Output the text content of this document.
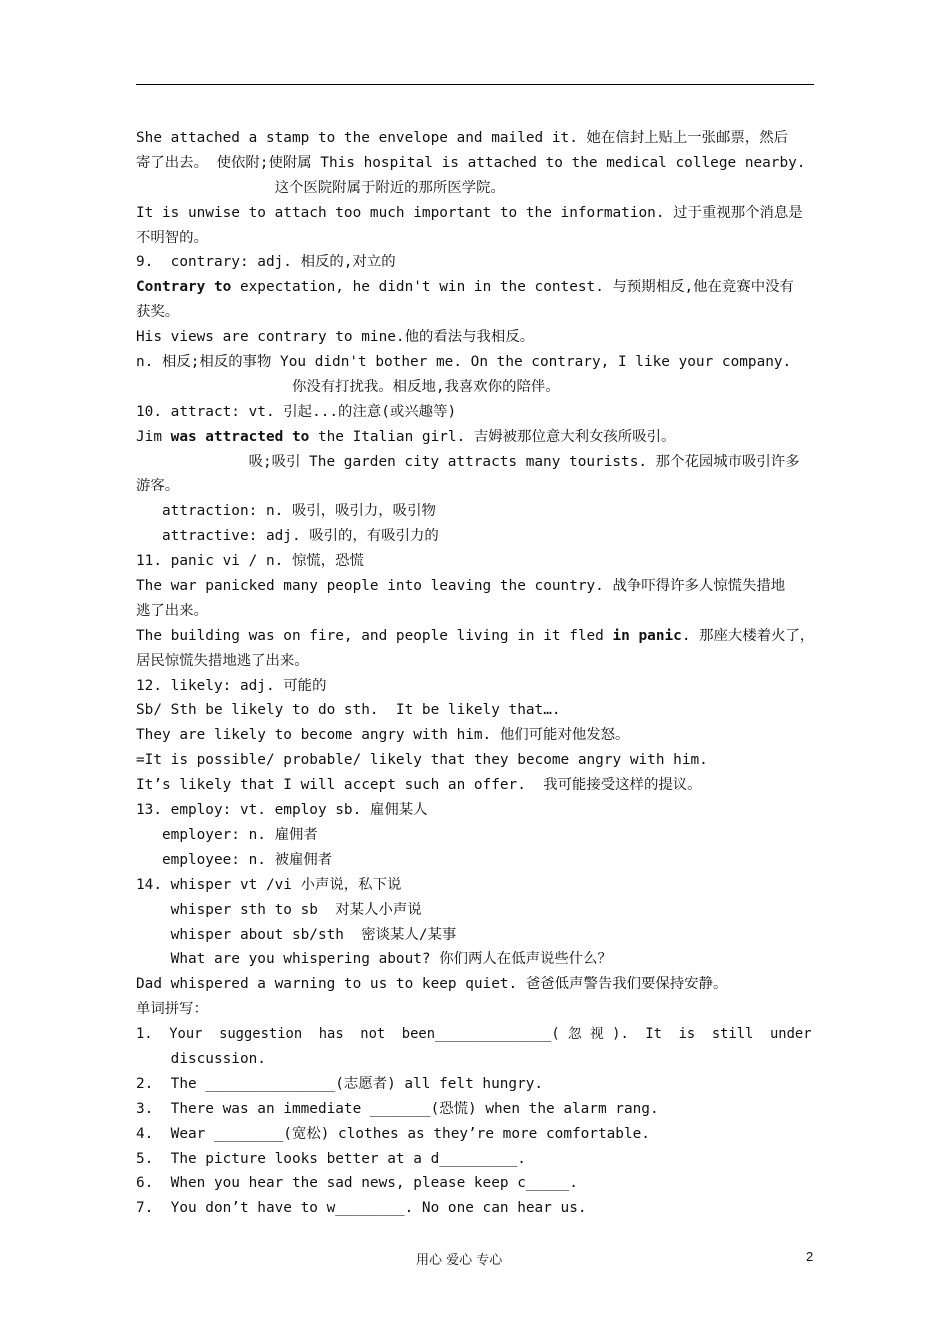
She attached a stamp to the envelope and mailed it. 她在信封上贴上一张邮票，然后
寄了出去。 使依附;使附属 This hospital is attached to the medical college nearby.
这个医院附属于附近的那所医学院。
It is unwise to attach too much important to the information. 过于重视那个消息是
不明智的。
9.  contrary: adj. 相反的,对立的
Contrary to expectation, he didn't win in the contest. 与预期相反,他在竞赛中没有
获奖。
His views are contrary to mine.他的看法与我相反。
n. 相反;相反的事物 You didn't bother me. On the contrary, I like your company.
你没有打扰我。相反地,我喜欢你的陪伴。
10. attract: vt. 引起...的注意(或兴趣等)
Jim was attracted to the Italian girl. 吉姆被那位意大利女孩所吸引。
吸;吸引 The garden city attracts many tourists. 那个花园城市吸引许多
游客。
attraction: n. 吸引，吸引力，吸引物
attractive: adj. 吸引的，有吸引力的
11. panic vi / n. 惊慌，恐慌
The war panicked many people into leaving the country. 战争吓得许多人惊慌失措地
逃了出来。
The building was on fire, and people living in it fled in panic. 那座大楼着火了，
居民惊慌失措地逃了出来。
12. likely: adj. 可能的
Sb/ Sth be likely to do sth.  It be likely that….
They are likely to become angry with him. 他们可能对他发怒。
=It is possible/ probable/ likely that they become angry with him.
It’s likely that I will accept such an offer.  我可能接受这样的提议。
13. employ: vt. employ sb. 雇佣某人
employer: n. 雇佣者
employee: n. 被雇佣者
14. whisper vt /vi 小声说，私下说
whisper sth to sb  对某人小声说
whisper about sb/sth  密谈某人/某事
What are you whispering about? 你们两人在低声说些什么？
Dad whispered a warning to us to keep quiet. 爸爸低声警告我们要保持安静。
单词拼写：
1.  Your  suggestion  has  not  been______________( 忽 视 ).  It  is  still  under
discussion.
2.  The _______________(志愿者) all felt hungry.
3.  There was an immediate _______(恐慌) when the alarm rang.
4.  Wear ________(宽松) clothes as they’re more comfortable.
5.  The picture looks better at a d_________.
6.  When you hear the sad news, please keep c_____.
7.  You don’t have to w________. No one can hear us.
用心 爱心 专心	2
